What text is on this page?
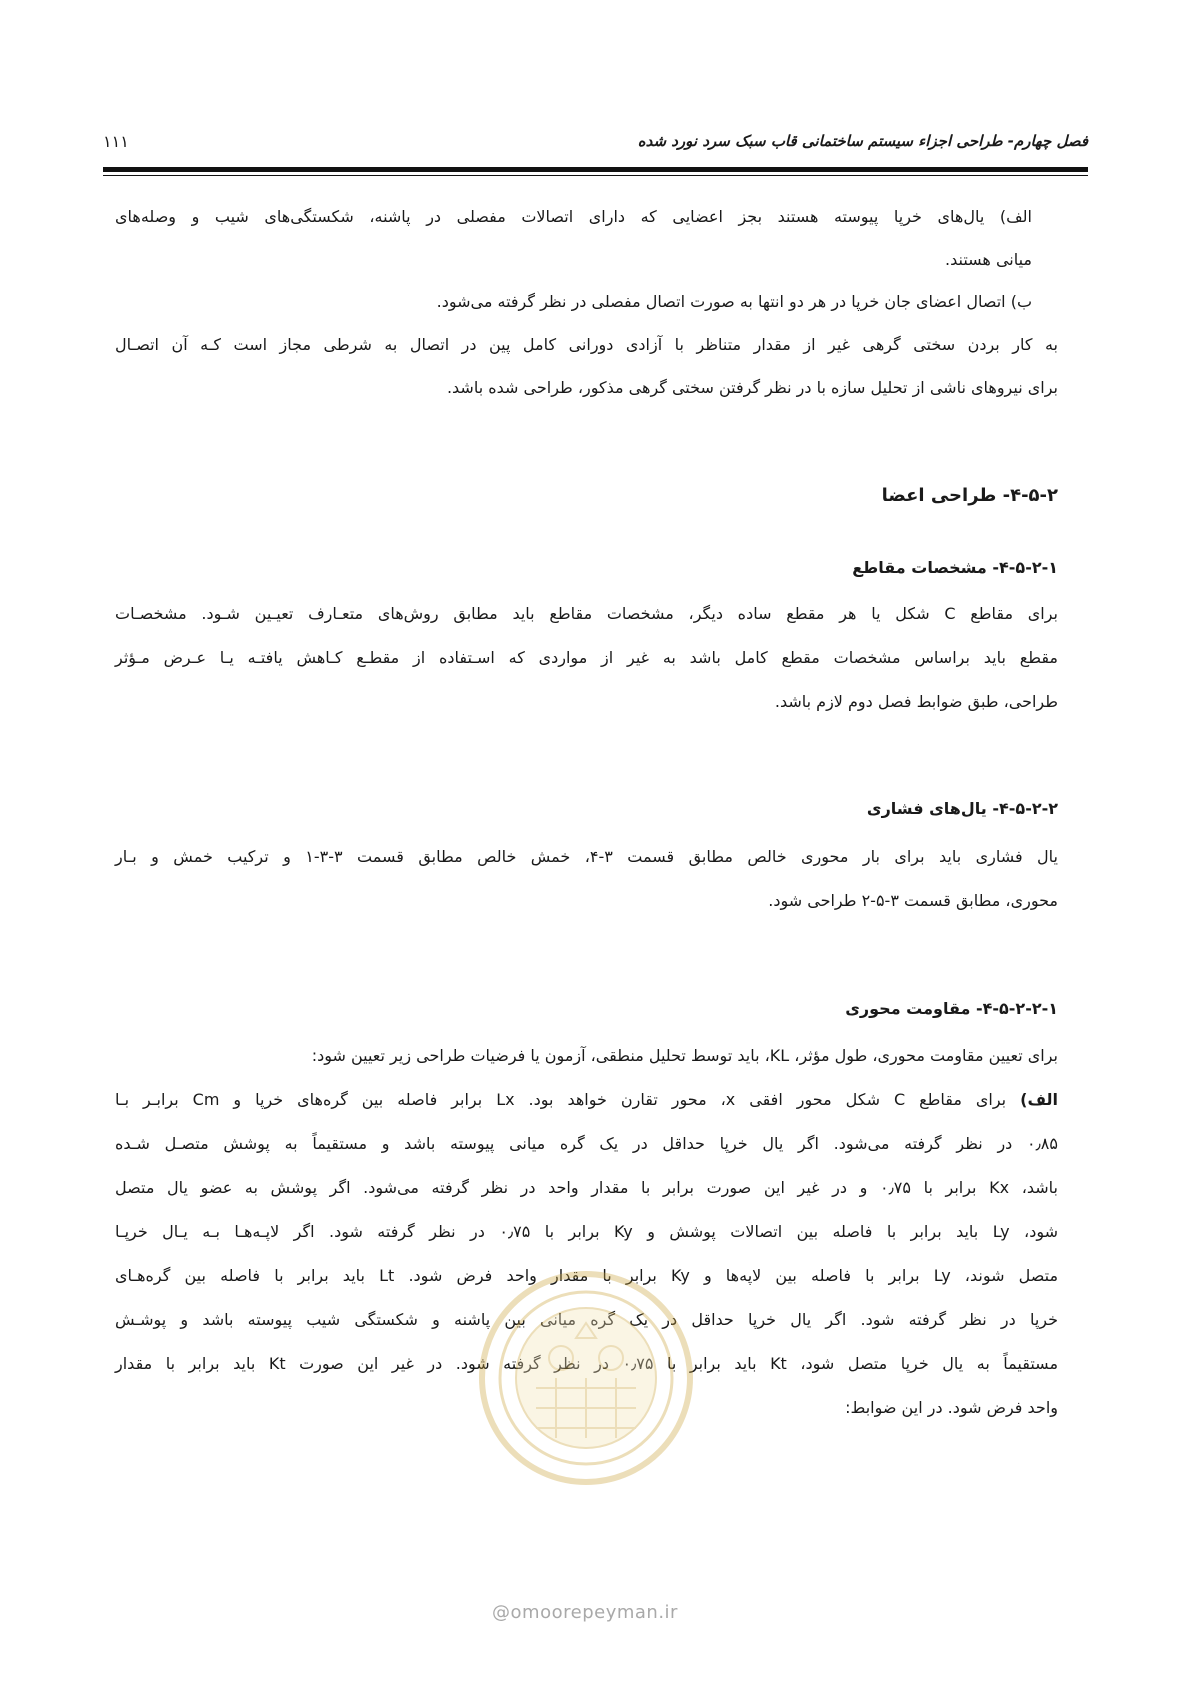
فصل چهارم- طراحی اجزاء سیستم ساختمانی قاب سبک سرد نورد شده
۱۱۱
الف) یال‌های خرپا پیوسته هستند بجز اعضایی که دارای اتصالات مفصلی در پاشنه، شکستگی‌های شیب و وصله‌های
میانی هستند.
ب) اتصال اعضای جان خرپا در هر دو انتها به صورت اتصال مفصلی در نظر گرفته می‌شود.
به کار بردن سختی گرهی غیر از مقدار متناظر با آزادی دورانی کامل پین در اتصال به شرطی مجاز است کـه آن اتصـال
برای نیروهای ناشی از تحلیل سازه با در نظر گرفتن سختی گرهی مذکور، طراحی شده باشد.
۴-۵-۲- طراحی اعضا
۴-۵-۲-۱- مشخصات مقاطع
برای مقاطع C شکل یا هر مقطع ساده دیگر، مشخصات مقاطع باید مطابق روش‌های متعـارف تعیـین شـود. مشخصـات
مقطع باید براساس مشخصات مقطع کامل باشد به غیر از مواردی که اسـتفاده از مقطـع کـاهش یافتـه یـا عـرض مـؤثر
طراحی، طبق ضوابط فصل دوم لازم باشد.
۴-۵-۲-۲- یال‌های فشاری
یال فشاری باید برای بار محوری خالص مطابق قسمت ۳-۴، خمش خالص مطابق قسمت ۳-۳-۱ و ترکیب خمش و بـار
محوری، مطابق قسمت ۳-۵-۲ طراحی شود.
۴-۵-۲-۲-۱- مقاومت محوری
برای تعیین مقاومت محوری، طول مؤثر، KL، باید توسط تحلیل منطقی، آزمون یا فرضیات طراحی زیر تعیین شود:
الف) برای مقاطع C شکل محور افقی x، محور تقارن خواهد بود. Lx برابر فاصله بین گره‌های خرپا و Cm برابـر بـا
۰٫۸۵ در نظر گرفته می‌شود. اگر یال خرپا حداقل در یک گره میانی پیوسته باشد و مستقیماً به پوشش متصـل شـده
باشد، Kx برابر با ۰٫۷۵ و در غیر این صورت برابر با مقدار واحد در نظر گرفته می‌شود. اگر پوشش به عضو یال متصل
شود، Ly باید برابر با فاصله بین اتصالات پوشش و Ky برابر با ۰٫۷۵ در نظر گرفته شود. اگر لاپـه‌هـا بـه یـال خرپـا
متصل شوند، Ly برابر با فاصله بین لاپه‌ها و Ky برابر با مقدار واحد فرض شود. Lt باید برابر با فاصله بین گره‌هـای
خرپا در نظر گرفته شود. اگر یال خرپا حداقل در یک گره میانی بین پاشنه و شکستگی شیب پیوسته باشد و پوشـش
مستقیماً به یال خرپا متصل شود، Kt باید برابر با ۰٫۷۵ در نظر گرفته شود. در غیر این صورت Kt باید برابر با مقدار
واحد فرض شود. در این ضوابط:
@omoorepeyman.ir
